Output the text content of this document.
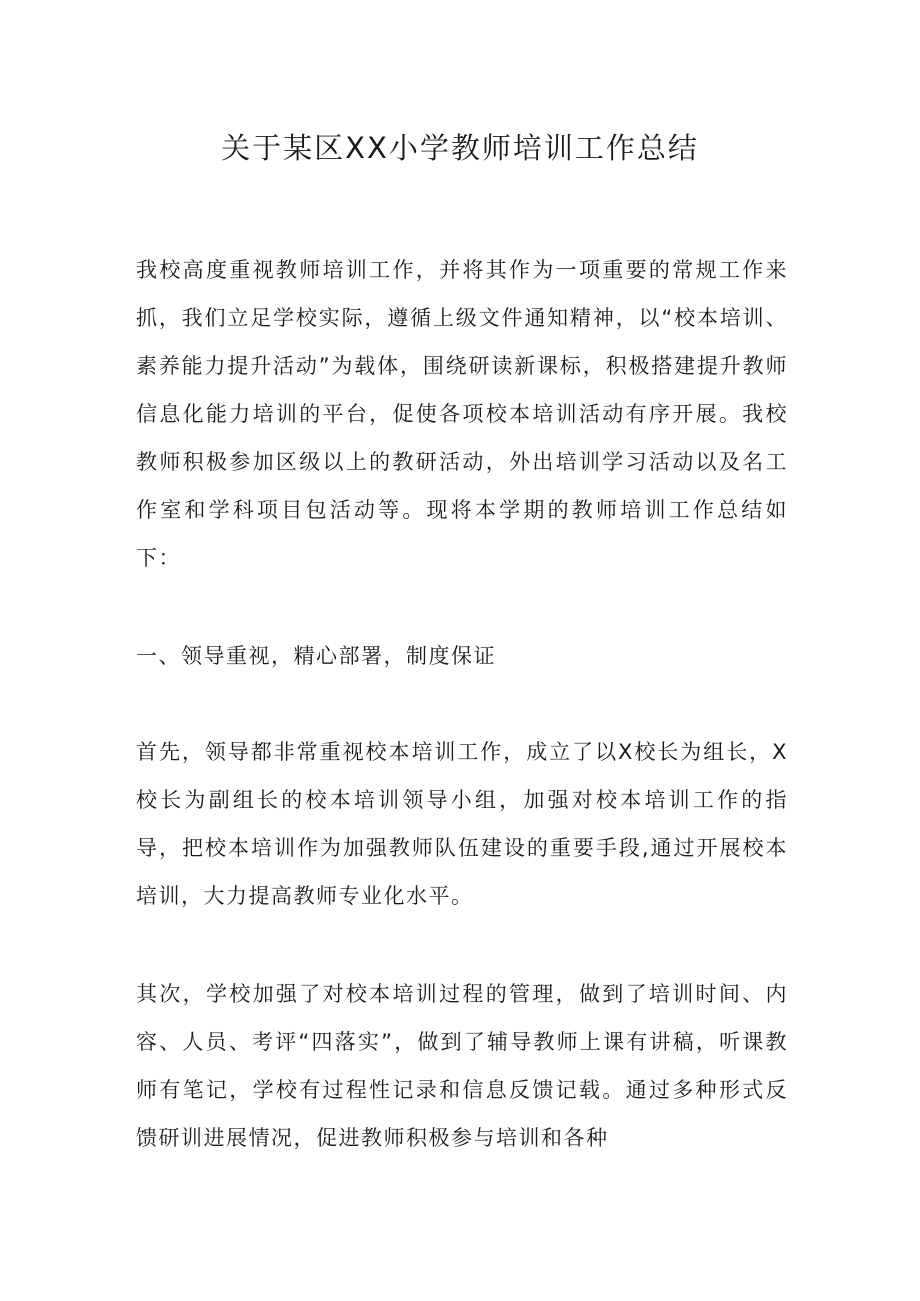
关于某区XX小学教师培训工作总结

我校高度重视教师培训工作，并将其作为一项重要的常规工作来抓，我们立足学校实际，遵循上级文件通知精神，以“校本培训、素养能力提升活动”为载体，围绕研读新课标，积极搭建提升教师信息化能力培训的平台，促使各项校本培训活动有序开展。我校教师积极参加区级以上的教研活动，外出培训学习活动以及名工作室和学科项目包活动等。现将本学期的教师培训工作总结如下：

一、领导重视，精心部署，制度保证

首先，领导都非常重视校本培训工作，成立了以X校长为组长，X校长为副组长的校本培训领导小组，加强对校本培训工作的指导，把校本培训作为加强教师队伍建设的重要手段,通过开展校本培训，大力提高教师专业化水平。

其次，学校加强了对校本培训过程的管理，做到了培训时间、内容、人员、考评“四落实”，做到了辅导教师上课有讲稿，听课教师有笔记，学校有过程性记录和信息反馈记载。通过多种形式反馈研训进展情况，促进教师积极参与培训和各种
